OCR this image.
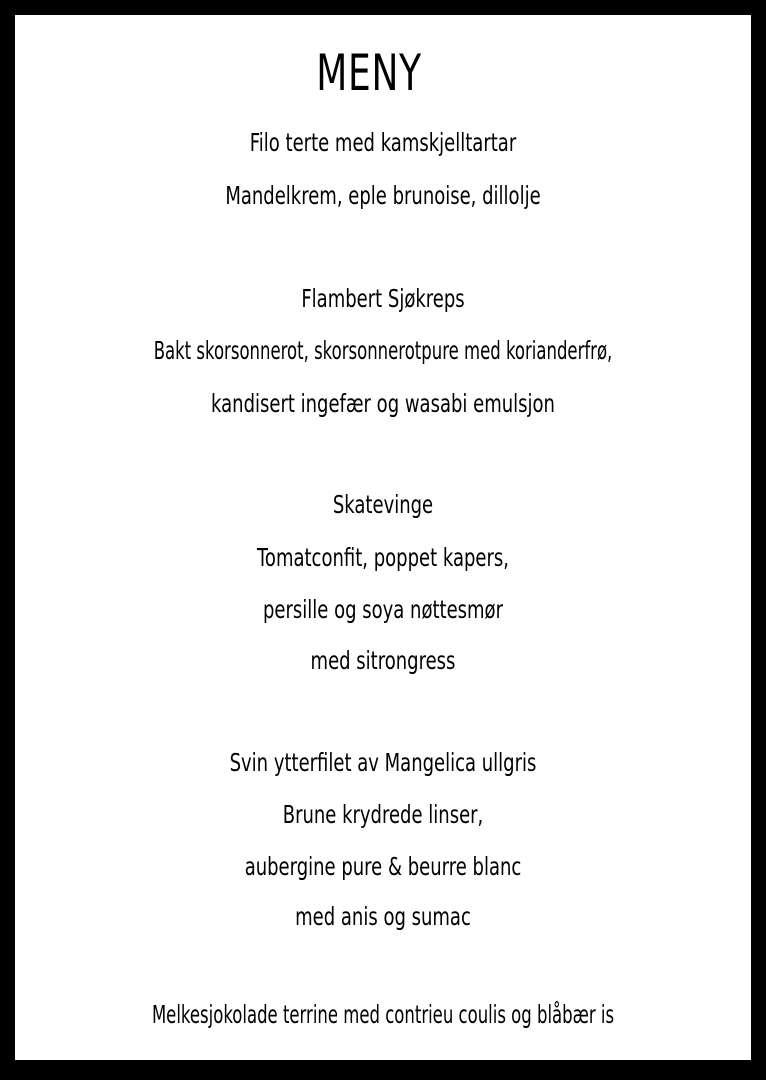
MENY
Filo terte med kamskjelltartar
Mandelkrem, eple brunoise, dillolje
Flambert Sjøkreps
Bakt skorsonnerot, skorsonnerotpure med korianderfrø,
kandisert ingefær og wasabi emulsjon
Skatevinge
Tomatconfit, poppet kapers,
persille og soya nøttesmør
med sitrongress
Svin ytterfilet av Mangelica ullgris
Brune krydrede linser,
aubergine pure & beurre blanc
med anis og sumac
Melkesjokolade terrine med contrieu coulis og blåbær is
